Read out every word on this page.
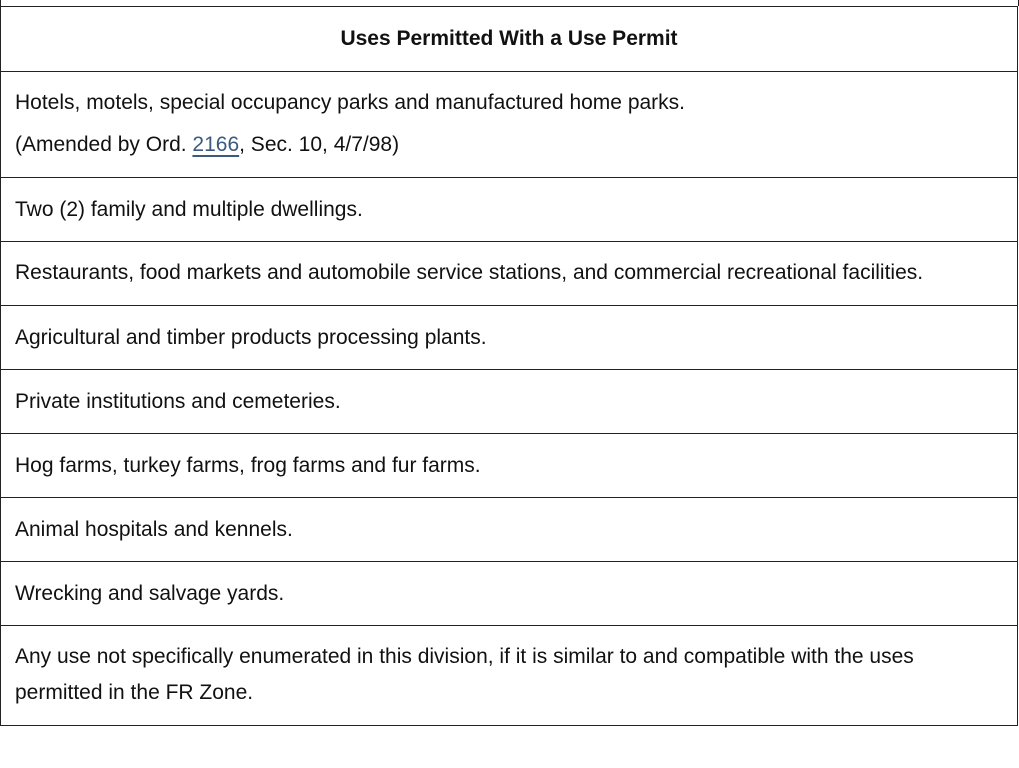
Uses Permitted With a Use Permit

Hotels, motels, special occupancy parks and manufactured home parks.
(Amended by Ord. 2166, Sec. 10, 4/7/98)

Two (2) family and multiple dwellings.
Restaurants, food markets and automobile service stations, and commercial recreational facilities.
Agricultural and timber products processing plants.
Private institutions and cemeteries.
Hog farms, turkey farms, frog farms and fur farms.
Animal hospitals and kennels.
Wrecking and salvage yards.
Any use not specifically enumerated in this division, if it is similar to and compatible with the uses permitted in the FR Zone.
